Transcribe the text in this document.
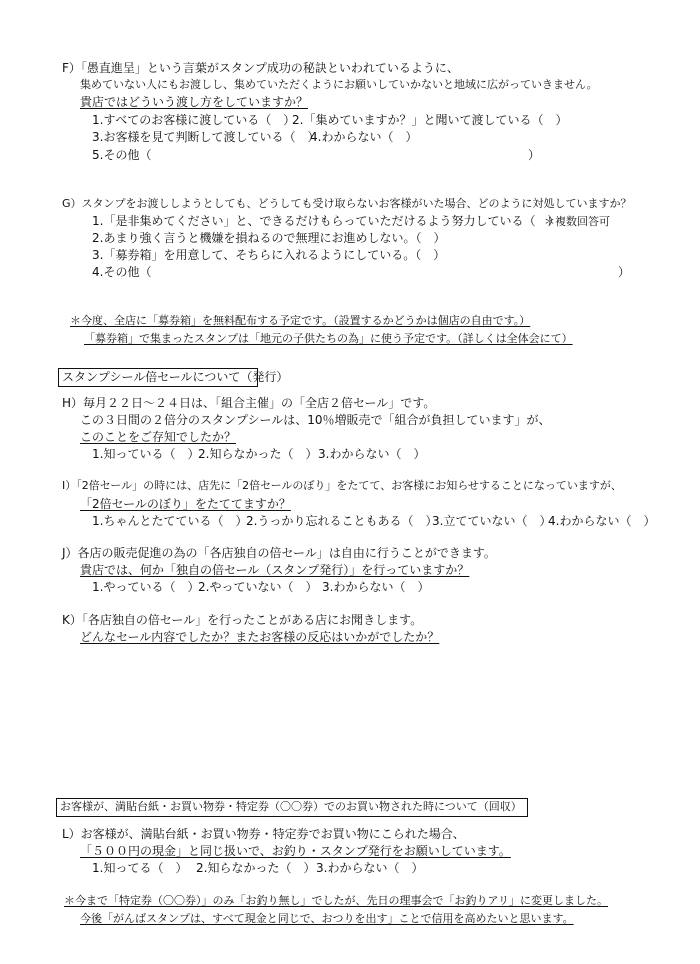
F）「愚直進呈」という言葉がスタンプ成功の秘訣といわれているように、
集めていない人にもお渡しし、集めていただくようにお願いしていかないと地域に広がっていきません。
貴店ではどういう渡し方をしていますか？
1.すべてのお客様に渡している（　）
2.「集めていますか？」と聞いて渡している（　）
3.お客様を見て判断して渡している（　）
4.わからない（　）
5.その他（	）
G）スタンプをお渡ししようとしても、どうしても受け取らないお客様がいた場合、どのように対処していますか？
1.「是非集めてください」と、できるだけもらっていただけるよう努力している（　）
＊複数回答可
2.あまり強く言うと機嫌を損ねるので無理にお進めしない。（　）
3.「募券箱」を用意して、そちらに入れるようにしている。（　）
4.その他（	）
＊今度、全店に「募券箱」を無料配布する予定です。（設置するかどうかは個店の自由です。）
「募券箱」で集まったスタンプは「地元の子供たちの為」に使う予定です。（詳しくは全体会にて）
スタンプシール倍セールについて（発行）
H）毎月２２日～２４日は、「組合主催」の「全店２倍セール」です。
この３日間の２倍分のスタンプシールは、10％増販売で「組合が負担しています」が、
このことをご存知でしたか？
1.知っている（　）
2.知らなかった（　） 3.わからない（　）
I）「2倍セール」の時には、店先に「2倍セールのぼり」をたてて、お客様にお知らせすることになっていますが、
「2倍セールのぼり」をたててますか？
1.ちゃんとたてている（　）
2.うっかり忘れることもある（　）
3.立てていない（　）
4.わからない（　）
J）各店の販売促進の為の「各店独自の倍セール」は自由に行うことができます。
貴店では、何か「独自の倍セール（スタンプ発行）」を行っていますか？
1.やっている（　）
2.やっていない（　） 3.わからない（　）
K）「各店独自の倍セール」を行ったことがある店にお聞きします。
どんなセール内容でしたか？またお客様の反応はいかがでしたか？
お客様が、満貼台紙・お買い物券・特定券（〇〇券）でのお買い物された時について（回収）
L）お客様が、満貼台紙・お買い物券・特定券でお買い物にこられた場合、
「５００円の現金」と同じ扱いで、お釣り・スタンプ発行をお願いしています。
1.知ってる（　） 2.知らなかった（　） 3.わからない（　）
＊今まで「特定券（〇〇券）」のみ「お釣り無し」でしたが、先日の理事会で「お釣りアリ」に変更しました。
今後「がんばスタンプは、すべて現金と同じで、おつりを出す」ことで信用を高めたいと思います。
